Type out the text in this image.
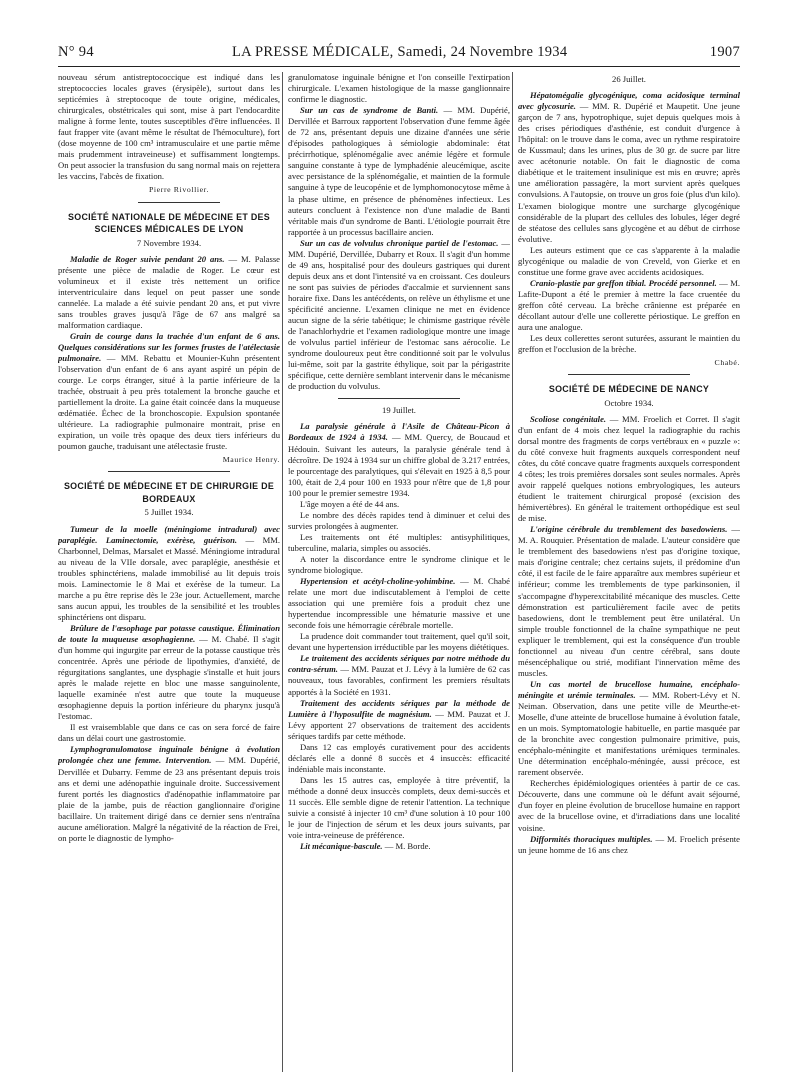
N° 94	LA PRESSE MÉDICALE, Samedi, 24 Novembre 1934	1907

nouveau sérum antistreptococcique est indiqué dans les streptococcies locales graves (érysipèle), surtout dans les septicémies à streptocoque de toute origine, médicales, chirurgicales, obstétricales qui sont, mise à part l'endocardite maligne à forme lente, toutes susceptibles d'être influencées. Il faut frapper vite (avant même le résultat de l'hémoculture), fort (dose moyenne de 100 cm³ intramusculaire et une partie même mais prudemment intraveineuse) et suffisamment longtemps. On peut associer la transfusion du sang normal mais on rejettera les vaccins, l'abcès de fixation.

Pierre Rivollier.
SOCIÉTÉ NATIONALE DE MÉDECINE ET DES SCIENCES MÉDICALES DE LYON
7 Novembre 1934.

Maladie de Roger suivie pendant 20 ans. — M. Palasse présente une pièce de maladie de Roger. Le cœur est volumineux et il existe très nettement un orifice interventriculaire dans lequel on peut passer une sonde cannelée. La malade a été suivie pendant 20 ans, et put vivre sans troubles graves jusqu'à l'âge de 67 ans malgré sa malformation cardiaque.

Grain de courge dans la trachée d'un enfant de 6 ans. Quelques considérations sur les formes frustes de l'atélectasie pulmonaire. — MM. Rebattu et Mounier-Kuhn présentent l'observation d'un enfant de 6 ans ayant aspiré un pépin de courge. Le corps étranger, situé à la partie inférieure de la trachée, obstruait à peu près totalement la bronche gauche et partiellement la droite. La gaine était coincée dans la muqueuse œdématiée. Échec de la bronchoscopie. Expulsion spontanée ultérieure. La radiographie pulmonaire montrait, prise en expiration, un voile très opaque des deux tiers inférieurs du poumon gauche, traduisant une atélectasie fruste.

Maurice Henry.
SOCIÉTÉ DE MÉDECINE ET DE CHIRURGIE DE BORDEAUX
5 Juillet 1934.

Tumeur de la moelle (méningiome intradural) avec paraplégie. Laminectomie, exérèse, guérison. — MM. Charbonnel, Delmas, Marsalet et Massé. Méningiome intradural au niveau de la VIIe dorsale, avec paraplégie, anesthésie et troubles sphinctériens, malade immobilisé au lit depuis trois mois. Laminectomie le 8 Mai et exérèse de la tumeur. La marche a pu être reprise dès le 23e jour. Actuellement, marche sans aucun appui, les troubles de la sensibilité et les troubles sphinctériens ont disparu.

Brûlure de l'œsophage par potasse caustique. Élimination de toute la muqueuse œsophagienne. — M. Chabé. Il s'agit d'un homme qui ingurgite par erreur de la potasse caustique très concentrée. Après une période de lipothymies, d'anxiété, de régurgitations sanglantes, une dysphagie s'installe et huit jours après le malade rejette en bloc une masse sanguinolente, laquelle examinée n'est autre que toute la muqueuse œsophagienne depuis la portion inférieure du pharynx jusqu'à l'estomac.

Il est vraisemblable que dans ce cas on sera forcé de faire dans un délai court une gastrostomie.

Lymphogranulomatose inguinale bénigne à évolution prolongée chez une femme. Intervention. — MM. Dupérié, Dervillée et Dubarry. Femme de 23 ans présentant depuis trois ans et demi une adénopathie inguinale droite. Successivement furent portés les diagnostics d'adénopathie inflammatoire par plaie de la jambe, puis de réaction ganglionnaire d'origine bacillaire. Un traitement dirigé dans ce dernier sens n'entraîna aucune amélioration. Malgré la négativité de la réaction de Frei, on porte le diagnostic de lympho-

granulomatose inguinale bénigne et l'on conseille l'extirpation chirurgicale. L'examen histologique de la masse ganglionnaire confirme le diagnostic.

Sur un cas de syndrome de Banti. — MM. Dupérié, Dervillée et Barroux rapportent l'observation d'une femme âgée de 72 ans, présentant depuis une dizaine d'années une série d'épisodes pathologiques à sémiologie abdominale: état précirrhotique, splénomégalie avec anémie légère et formule sanguine constante à type de lymphadénie aleucémique, ascite avec persistance de la splénomégalie, et maintien de la formule sanguine à type de leucopénie et de lymphomonocytose même à la phase ultime, en présence de phénomènes infectieux. Les auteurs concluent à l'existence non d'une maladie de Banti véritable mais d'un syndrome de Banti. L'étiologie pourrait être rapportée à un processus bacillaire ancien.

Sur un cas de volvulus chronique partiel de l'estomac. — MM. Dupérié, Dervillée, Dubarry et Roux. Il s'agit d'un homme de 49 ans, hospitalisé pour des douleurs gastriques qui durent depuis deux ans et dont l'intensité va en croissant. Ces douleurs ne sont pas suivies de périodes d'accalmie et surviennent sans horaire fixe. Dans les antécédents, on relève un éthylisme et une spécificité ancienne. L'examen clinique ne met en évidence aucun signe de la série tabétique; le chimisme gastrique révèle de l'anachlorhydrie et l'examen radiologique montre une image de volvulus partiel inférieur de l'estomac sans aérocolie. Le syndrome douloureux peut être conditionné soit par le volvulus lui-même, soit par la gastrite éthylique, soit par la périgastrite spécifique, cette dernière semblant intervenir dans le mécanisme de production du volvulus.

19 Juillet.

La paralysie générale à l'Asile de Château-Picon à Bordeaux de 1924 à 1934. — MM. Quercy, de Boucaud et Hédouin. Suivant les auteurs, la paralysie générale tend à décroître. De 1924 à 1934 sur un chiffre global de 3.217 entrées, le pourcentage des paralytiques, qui s'élevait en 1925 à 8,5 pour 100, était de 2,4 pour 100 en 1933 pour n'être que de 1,8 pour 100 pour le premier semestre 1934.

L'âge moyen a été de 44 ans.

Le nombre des décès rapides tend à diminuer et celui des survies prolongées à augmenter.

Les traitements ont été multiples: antisyphilitiques, tuberculine, malaria, simples ou associés.

A noter la discordance entre le syndrome clinique et le syndrome biologique.

Hypertension et acétyl-choline-yohimbine. — M. Chabé relate une mort due indiscutablement à l'emploi de cette association qui une première fois a produit chez une hypertendue incompressible une hématurie massive et une seconde fois une hémorragie cérébrale mortelle.

La prudence doit commander tout traitement, quel qu'il soit, devant une hypertension irréductible par les moyens diététiques.

Le traitement des accidents sériques par notre méthode du contra-sérum. — MM. Pauzat et J. Lévy à la lumière de 62 cas nouveaux, tous favorables, confirment les premiers résultats apportés à la Société en 1931.

Traitement des accidents sériques par la méthode de Lumière à l'hyposulfite de magnésium. — MM. Pauzat et J. Lévy apportent 27 observations de traitement des accidents sériques tardifs par cette méthode.

Dans 12 cas employés curativement pour des accidents déclarés elle a donné 8 succès et 4 insuccès: efficacité indéniable mais inconstante.

Dans les 15 autres cas, employée à titre préventif, la méthode a donné deux insuccès complets, deux demi-succès et 11 succès. Elle semble digne de retenir l'attention. La technique suivie a consisté à injecter 10 cm³ d'une solution à 10 pour 100 le jour de l'injection de sérum et les deux jours suivants, par voie intra-veineuse de préférence.

Lit mécanique-bascule. — M. Borde.

26 Juillet.

Hépatomégalie glycogénique, coma acidosique terminal avec glycosurie. — MM. R. Dupérié et Maupetit. Une jeune garçon de 7 ans, hypotrophique, sujet depuis quelques mois à des crises périodiques d'asthénie, est conduit d'urgence à l'hôpital: on le trouve dans le coma, avec un rythme respiratoire de Kussmaul; dans les urines, plus de 30 gr. de sucre par litre avec acétonurie notable. On fait le diagnostic de coma diabétique et le traitement insulinique est mis en œuvre; après une amélioration passagère, la mort survient après quelques convulsions. A l'autopsie, on trouve un gros foie (plus d'un kilo). L'examen biologique montre une surcharge glycogénique considérable de la plupart des cellules des lobules, léger degré de stéatose des cellules sans glycogène et au début de cirrhose évolutive.

Les auteurs estiment que ce cas s'apparente à la maladie glycogénique ou maladie de von Creveld, von Gierke et en constitue une forme grave avec accidents acidosiques.

Cranio-plastie par greffon tibial. Procédé personnel. — M. Lafite-Dupont a été le premier à mettre la face cruentée du greffon côté cerveau. La brèche crânienne est préparée en décollant autour d'elle une collerette périostique. Le greffon en aura une analogue.

Les deux collerettes seront suturées, assurant le maintien du greffon et l'occlusion de la brèche.

Chabé.
SOCIÉTÉ DE MÉDECINE DE NANCY
Octobre 1934.

Scoliose congénitale. — MM. Froelich et Corret. Il s'agit d'un enfant de 4 mois chez lequel la radiographie du rachis dorsal montre des fragments de corps vertébraux en « puzzle »: du côté convexe huit fragments auxquels correspondent neuf côtes, du côté concave quatre fragments auxquels correspondent 4 côtes; les trois premières dorsales sont seules normales. Après avoir rappelé quelques notions embryologiques, les auteurs étudient le traitement chirurgical proposé (excision des hémivertèbres). En général le traitement orthopédique est seul de mise.

L'origine cérébrale du tremblement des basedowiens. — M. A. Rouquier. Présentation de malade. L'auteur considère que le tremblement des basedowiens n'est pas d'origine toxique, mais d'origine centrale; chez certains sujets, il prédomine d'un côté, il est facile de le faire apparaître aux membres supérieur et inférieur; comme les tremblements de type parkinsonien, il s'accompagne d'hyperexcitabilité mécanique des muscles. Cette démonstration est particulièrement facile avec de petits basedowiens, dont le tremblement peut être unilatéral. Un simple trouble fonctionnel de la chaîne sympathique ne peut expliquer le tremblement, qui est la conséquence d'un trouble fonctionnel au niveau d'un centre cérébral, sans doute mésencéphalique ou strié, modifiant l'innervation même des muscles.

Un cas mortel de brucellose humaine, encéphalo-méningite et urémie terminales. — MM. Robert-Lévy et N. Neiman. Observation, dans une petite ville de Meurthe-et-Moselle, d'une atteinte de brucellose humaine à évolution fatale, en un mois. Symptomatologie habituelle, en partie masquée par de la bronchite avec congestion pulmonaire primitive, puis, encéphalo-méningite et manifestations urémiques terminales. Une détermination encéphalo-méningée, aussi précoce, est rarement observée.

Recherches épidémiologiques orientées à partir de ce cas. Découverte, dans une commune où le défunt avait séjourné, d'un foyer en pleine évolution de brucellose humaine en rapport avec de la brucellose ovine, et d'irradiations dans une localité voisine.

Difformités thoraciques multiples. — M. Froelich présente un jeune homme de 16 ans chez
